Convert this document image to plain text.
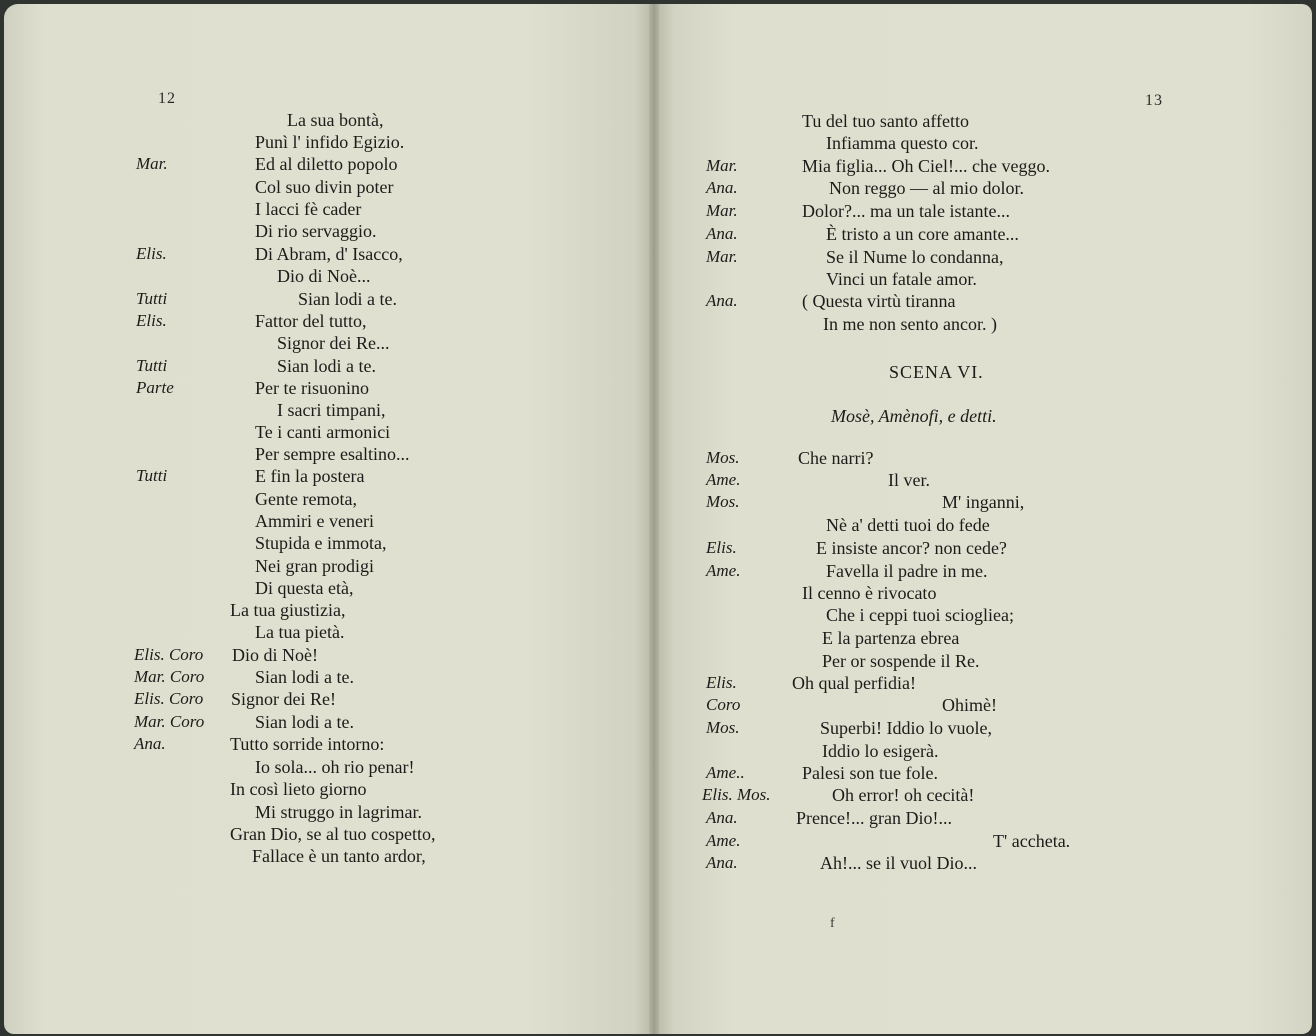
12	13
Mar.
Elis.
Tutti
Elis.
Tutti
Parte
Tutti
Elis. Coro
Mar. Coro
Elis. Coro
Mar. Coro
Ana.
La sua bontà,
Punì l' infido Egizio.
Ed al diletto popolo
Col suo divin poter
I lacci fè cader
Di rio servaggio.
Di Abram, d' Isacco,
Dio di Noè...
Sian lodi a te.
Fattor del tutto,
Signor dei Re...
Sian lodi a te.
Per te risuonino
I sacri timpani,
Te i canti armonici
Per sempre esaltino...
E fin la postera
Gente remota,
Ammiri e veneri
Stupida e immota,
Nei gran prodigi
Di questa età,
La tua giustizia,
La tua pietà.
Dio di Noè!
Sian lodi a te.
Signor dei Re!
Sian lodi a te.
Tutto sorride intorno:
Io sola... oh rio penar!
In così lieto giorno
Mi struggo in lagrimar.
Gran Dio, se al tuo cospetto,
Fallace è un tanto ardor,
Mar.
Ana.
Mar.
Ana.
Mar.
Ana.
Tu del tuo santo affetto
Infiamma questo cor.
Mia figlia... Oh Ciel!... che veggo.
Non reggo — al mio dolor.
Dolor?... ma un tale istante...
È tristo a un core amante...
Se il Nume lo condanna,
Vinci un fatale amor.
( Questa virtù tiranna
In me non sento ancor. )
SCENA VI.
Mosè, Amènofi, e detti.
Mos.
Ame.
Mos.
Elis.
Ame.
Elis.
Coro
Mos.
Ame..
Elis. Mos.
Ana.
Ame.
Ana.
Che narri?
Il ver.
M' inganni,
Nè a' detti tuoi do fede
E insiste ancor? non cede?
Favella il padre in me.
Il cenno è rivocato
Che i ceppi tuoi sciogliea;
E la partenza ebrea
Per or sospende il Re.
Oh qual perfidia!
Ohimè!
Superbi! Iddio lo vuole,
Iddio lo esigerà.
Palesi son tue fole.
Oh error! oh cecità!
Prence!... gran Dio!...
T' accheta.
Ah!... se il vuol Dio...
f
